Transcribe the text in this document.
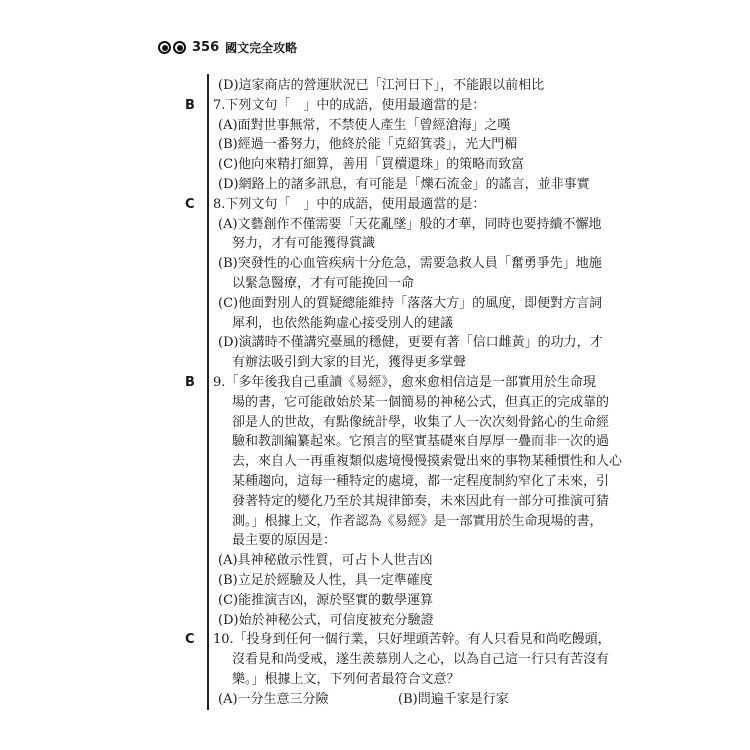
356 國文完全攻略
(D)這家商店的營運狀況已「江河日下」，不能跟以前相比
7.下列文句「　」中的成語，使用最適當的是：
(A)面對世事無常，不禁使人產生「曾經滄海」之嘆
(B)經過一番努力，他終於能「克紹箕裘」，光大門楣
(C)他向來精打細算，善用「買櫝還珠」的策略而致富
(D)網路上的諸多訊息，有可能是「爍石流金」的謠言，並非事實
8.下列文句「　」中的成語，使用最適當的是：
(A)文藝創作不僅需要「天花亂墜」般的才華，同時也要持續不懈地
努力，才有可能獲得賞識
(B)突發性的心血管疾病十分危急，需要急救人員「奮勇爭先」地施
以緊急醫療，才有可能挽回一命
(C)他面對別人的質疑總能維持「落落大方」的風度，即便對方言詞
犀利，也依然能夠虛心接受別人的建議
(D)演講時不僅講究臺風的穩健，更要有著「信口雌黃」的功力，才
有辦法吸引到大家的目光，獲得更多掌聲
9.「多年後我自己重讀《易經》，愈來愈相信這是一部實用於生命現
場的書，它可能啟始於某一個簡易的神秘公式，但真正的完成靠的
卻是人的世故，有點像統計學，收集了人一次次刻骨銘心的生命經
驗和教訓編纂起來。它預言的堅實基礎來自厚厚一疊而非一次的過
去，來自人一再重複類似處境慢慢摸索覺出來的事物某種慣性和人心
某種趨向，這每一種特定的處境，都一定程度制約窄化了未來，引
發著特定的變化乃至於其規律節奏，未來因此有一部分可推演可猜
測。」根據上文，作者認為《易經》是一部實用於生命現場的書，
最主要的原因是：
(A)具神秘啟示性質，可占卜人世吉凶
(B)立足於經驗及人性，具一定準確度
(C)能推演吉凶，源於堅實的數學運算
(D)始於神秘公式，可信度被充分驗證
10.「投身到任何一個行業，只好埋頭苦幹。有人只看見和尚吃饅頭，
沒看見和尚受戒，遂生羨慕別人之心，以為自己這一行只有苦沒有
樂。」根據上文，下列何者最符合文意？
(A)一分生意三分險	(B)問遍千家是行家
B
C
B
C
